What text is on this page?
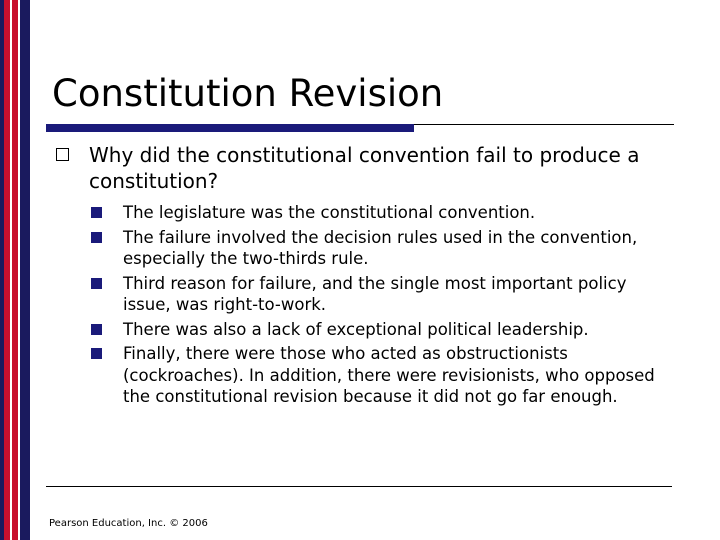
Constitution Revision
Why did the constitutional convention fail to produce a constitution?
The legislature was the constitutional convention.
The failure involved the decision rules used in the convention, especially the two-thirds rule.
Third reason for failure, and the single most important policy issue, was right-to-work.
There was also a lack of exceptional political leadership.
Finally, there were those who acted as obstructionists (cockroaches). In addition, there were revisionists, who opposed the constitutional revision because it did not go far enough.
Pearson Education, Inc. © 2006
